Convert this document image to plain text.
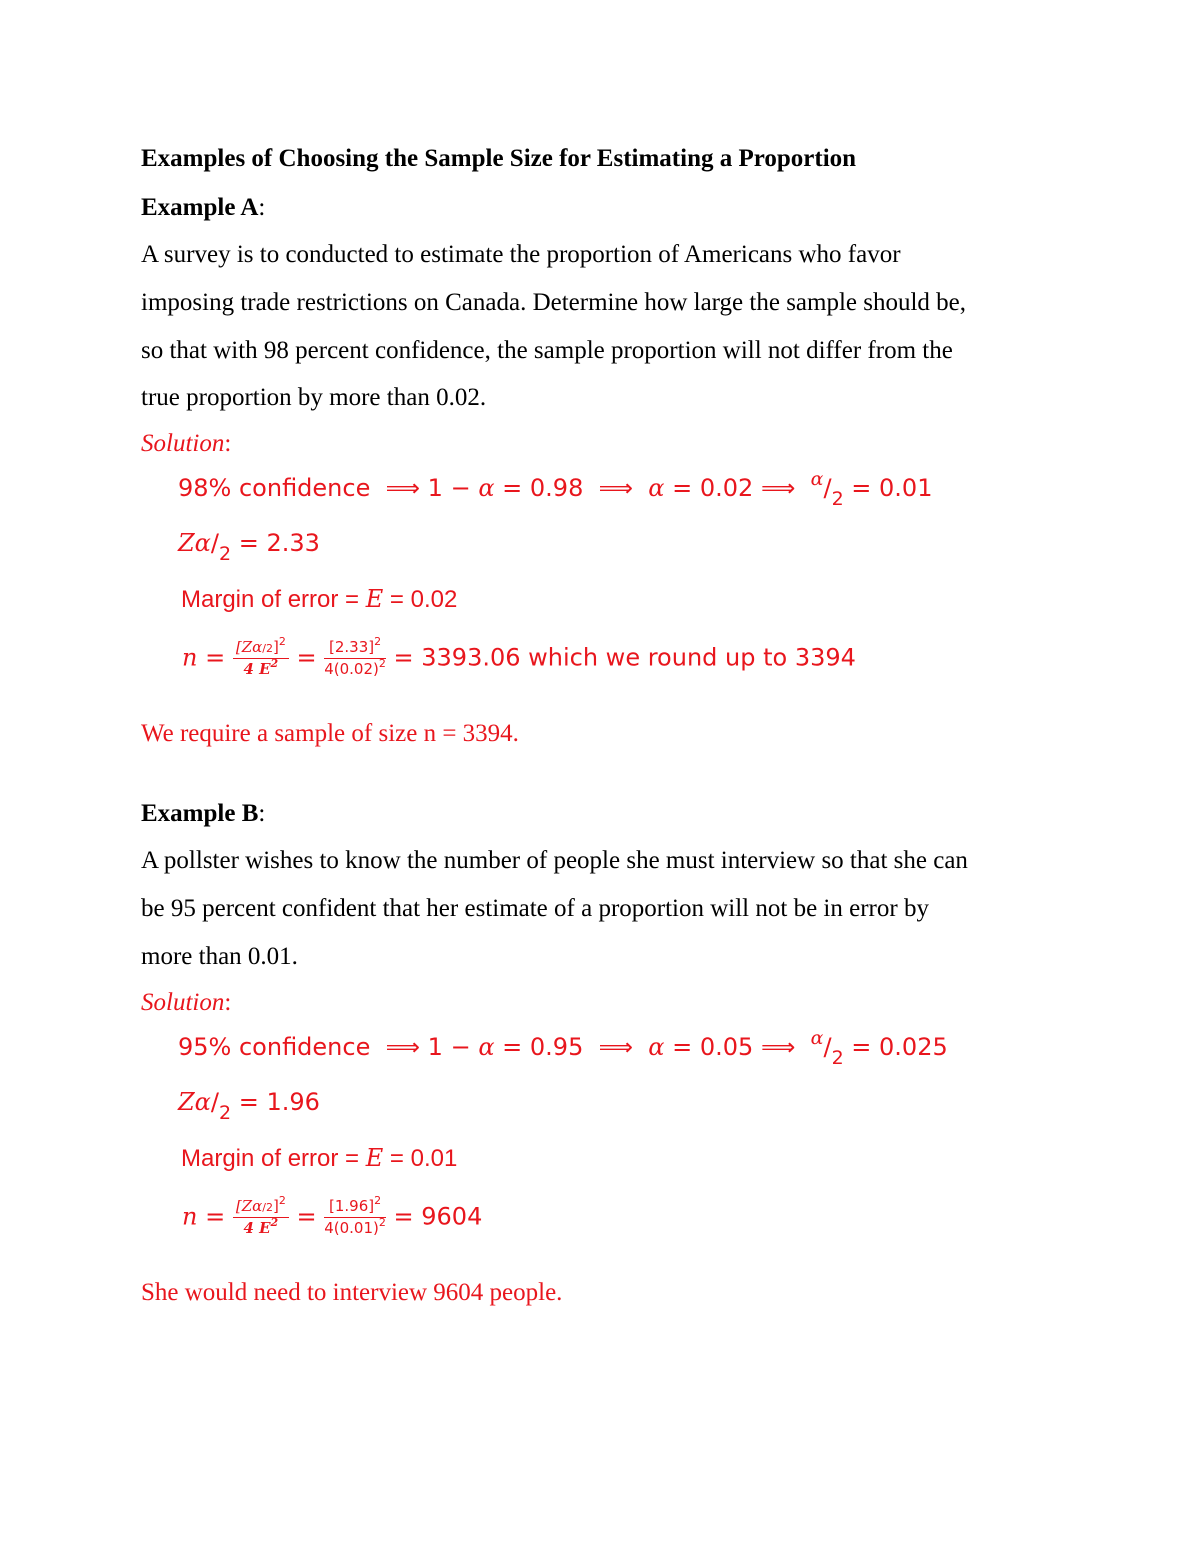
Examples of Choosing the Sample Size for Estimating a Proportion
Example A:
A survey is to conducted to estimate the proportion of Americans who favor
imposing trade restrictions on Canada. Determine how large the sample should be,
so that with 98 percent confidence, the sample proportion will not differ from the
true proportion by more than 0.02.
Solution:
98% confidence  ⟹ 1 − α = 0.98  ⟹  α = 0.02 ⟹  $^\alpha/_2 = 0.01$
$Z\alpha/_2 = 2.33$
Margin of error = E = 0.02
$n = \frac{[Z\alpha/2]^2}{4 E^2} = \frac{[2.33]^2}{4(0.02)^2} = 3393.06$ which we round up to 3394
We require a sample of size n = 3394.
Example B:
A pollster wishes to know the number of people she must interview so that she can
be 95 percent confident that her estimate of a proportion will not be in error by
more than 0.01.
Solution:
95% confidence  ⟹ 1 − α = 0.95  ⟹  α = 0.05 ⟹  $^\alpha/_2 = 0.025$
$Z\alpha/_2 = 1.96$
Margin of error = E = 0.01
$n = \frac{[Z\alpha/2]^2}{4 E^2} = \frac{[1.96]^2}{4(0.01)^2} = 9604$
She would need to interview 9604 people.
